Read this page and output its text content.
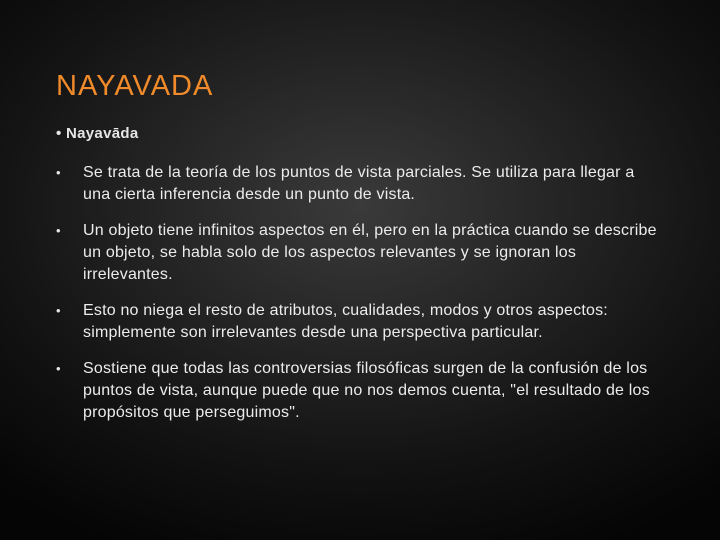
NAYAVADA
• Nayavāda
•	Se trata de la teoría de los puntos de vista parciales. Se utiliza para llegar a una cierta inferencia desde un punto de vista.
•	Un objeto tiene infinitos aspectos en él, pero en la práctica cuando se describe un objeto, se habla solo de los aspectos relevantes y se ignoran los irrelevantes.
•	Esto no niega el resto de atributos, cualidades, modos y otros aspectos: simplemente son irrelevantes desde una perspectiva particular.
•	Sostiene que todas las controversias filosóficas surgen de la confusión de los puntos de vista, aunque puede que no nos demos cuenta, "el resultado de los propósitos que perseguimos".
